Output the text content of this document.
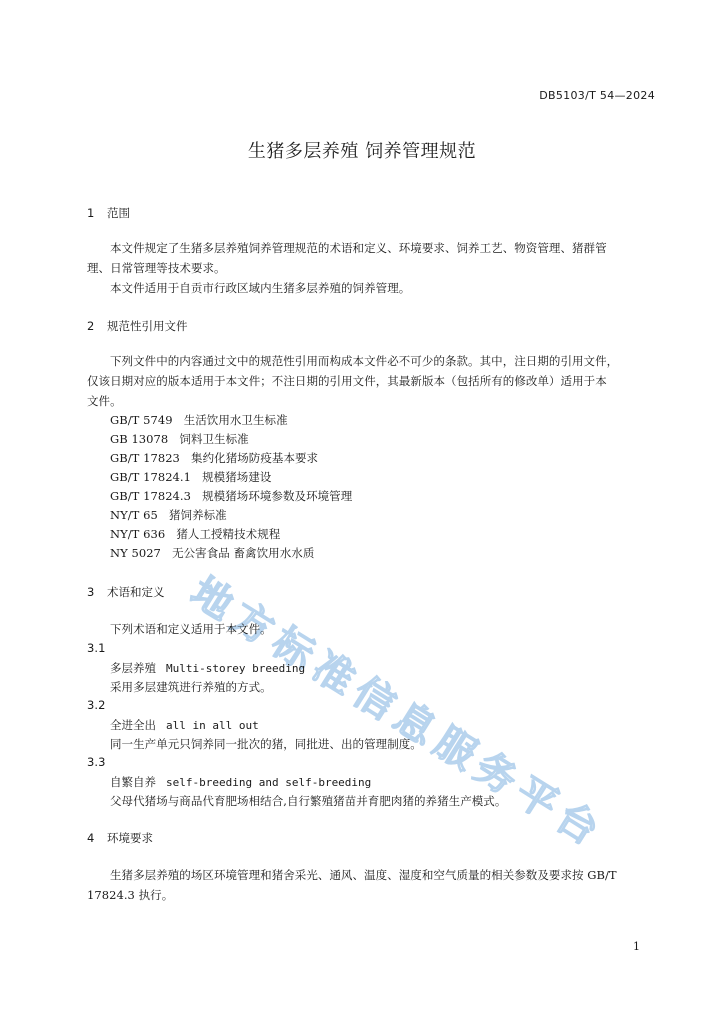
地
方
标
准
信
息
服
务
平
台
DB5103/T 54—2024
生猪多层养殖 饲养管理规范
1 范围
本文件规定了生猪多层养殖饲养管理规范的术语和定义、环境要求、饲养工艺、物资管理、猪群管
理、日常管理等技术要求。
本文件适用于自贡市行政区域内生猪多层养殖的饲养管理。
2 规范性引用文件
下列文件中的内容通过文中的规范性引用而构成本文件必不可少的条款。其中，注日期的引用文件，
仅该日期对应的版本适用于本文件；不注日期的引用文件，其最新版本（包括所有的修改单）适用于本
文件。
GB/T 5749 生活饮用水卫生标准
GB 13078 饲料卫生标准
GB/T 17823 集约化猪场防疫基本要求
GB/T 17824.1 规模猪场建设
GB/T 17824.3 规模猪场环境参数及环境管理
NY/T 65 猪饲养标准
NY/T 636 猪人工授精技术规程
NY 5027 无公害食品 畜禽饮用水水质
3 术语和定义
下列术语和定义适用于本文件。
3.1
多层养殖 Multi-storey breeding
采用多层建筑进行养殖的方式。
3.2
全进全出 all in all out
同一生产单元只饲养同一批次的猪，同批进、出的管理制度。
3.3
自繁自养 self-breeding and self-breeding
父母代猪场与商品代育肥场相结合,自行繁殖猪苗并育肥肉猪的养猪生产模式。
4 环境要求
生猪多层养殖的场区环境管理和猪舍采光、通风、温度、湿度和空气质量的相关参数及要求按 GB/T
17824.3 执行。
1
